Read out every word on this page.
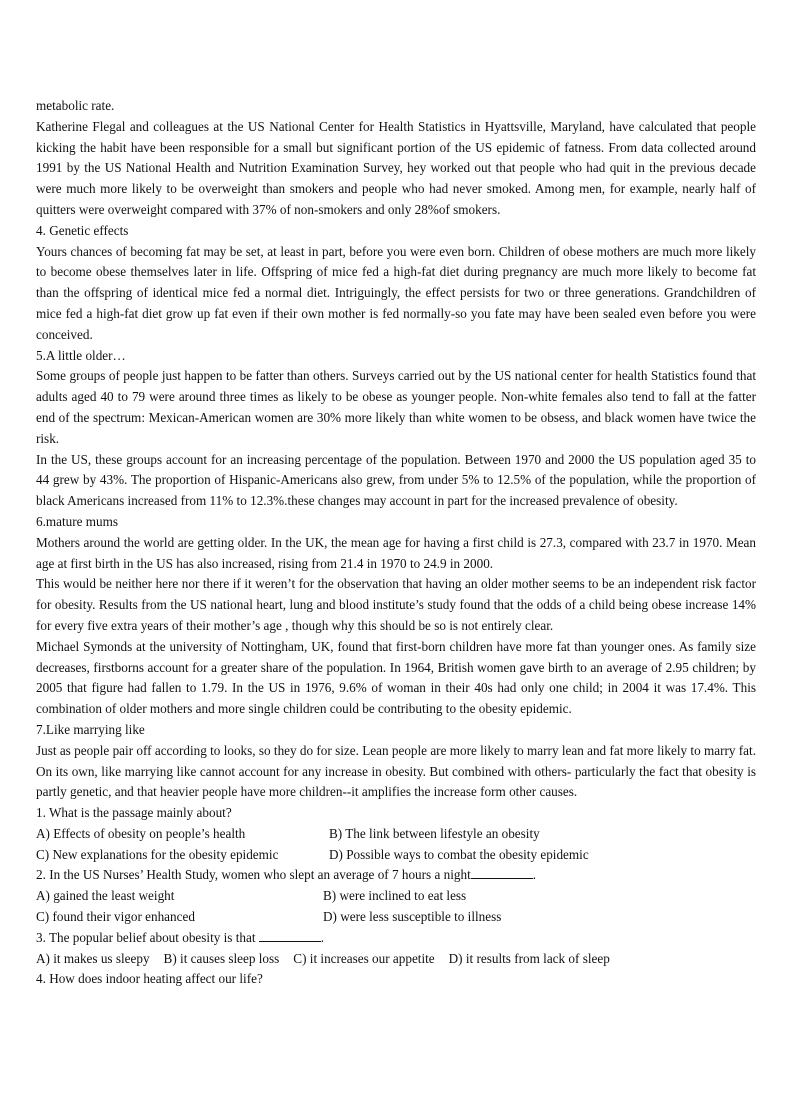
metabolic rate.

Katherine Flegal and colleagues at the US National Center for Health Statistics in Hyattsville, Maryland, have calculated that people kicking the habit have been responsible for a small but significant portion of the US epidemic of fatness. From data collected around 1991 by the US National Health and Nutrition Examination Survey, hey worked out that people who had quit in the previous decade were much more likely to be overweight than smokers and people who had never smoked. Among men, for example, nearly half of quitters were overweight compared with 37% of non-smokers and only 28%of smokers.

4. Genetic effects

Yours chances of becoming fat may be set, at least in part, before you were even born. Children of obese mothers are much more likely to become obese themselves later in life. Offspring of mice fed a high-fat diet during pregnancy are much more likely to become fat than the offspring of identical mice fed a normal diet. Intriguingly, the effect persists for two or three generations. Grandchildren of mice fed a high-fat diet grow up fat even if their own mother is fed normally-so you fate may have been sealed even before you were conceived.

5.A little older…

Some groups of people just happen to be fatter than others. Surveys carried out by the US national center for health Statistics found that adults aged 40 to 79 were around three times as likely to be obese as younger people. Non-white females also tend to fall at the fatter end of the spectrum: Mexican-American women are 30% more likely than white women to be obsess, and black women have twice the risk.

In the US, these groups account for an increasing percentage of the population. Between 1970 and 2000 the US population aged 35 to 44 grew by 43%. The proportion of Hispanic-Americans also grew, from under 5% to 12.5% of the population, while the proportion of black Americans increased from 11% to 12.3%.these changes may account in part for the increased prevalence of obesity.

6.mature mums

Mothers around the world are getting older. In the UK, the mean age for having a first child is 27.3, compared with 23.7 in 1970. Mean age at first birth in the US has also increased, rising from 21.4 in 1970 to 24.9 in 2000.

This would be neither here nor there if it weren’t for the observation that having an older mother seems to be an independent risk factor for obesity. Results from the US national heart, lung and blood institute’s study found that the odds of a child being obese increase 14% for every five extra years of their mother’s age , though why this should be so is not entirely clear.

Michael Symonds at the university of Nottingham, UK, found that first-born children have more fat than younger ones. As family size decreases, firstborns account for a greater share of the population. In 1964, British women gave birth to an average of 2.95 children; by 2005 that figure had fallen to 1.79. In the US in 1976, 9.6% of woman in their 40s had only one child; in 2004 it was 17.4%. This combination of older mothers and more single children could be contributing to the obesity epidemic.

7.Like marrying like

Just as people pair off according to looks, so they do for size. Lean people are more likely to marry lean and fat more likely to marry fat. On its own, like marrying like cannot account for any increase in obesity. But combined with others- particularly the fact that obesity is partly genetic, and that heavier people have more children--it amplifies the increase form other causes.

1. What is the passage mainly about?

A) Effects of obesity on people’s health	B) The link between lifestyle an obesity
C) New explanations for the obesity epidemic	D) Possible ways to combat the obesity epidemic

2. In the US Nurses’ Health Study, women who slept an average of 7 hours a night	.

A) gained the least weight	B) were inclined to eat less
C) found their vigor enhanced	D) were less susceptible to illness

3. The popular belief about obesity is that	.

A) it makes us sleepy B) it causes sleep loss C) it increases our appetite D) it results from lack of sleep

4. How does indoor heating affect our life?
